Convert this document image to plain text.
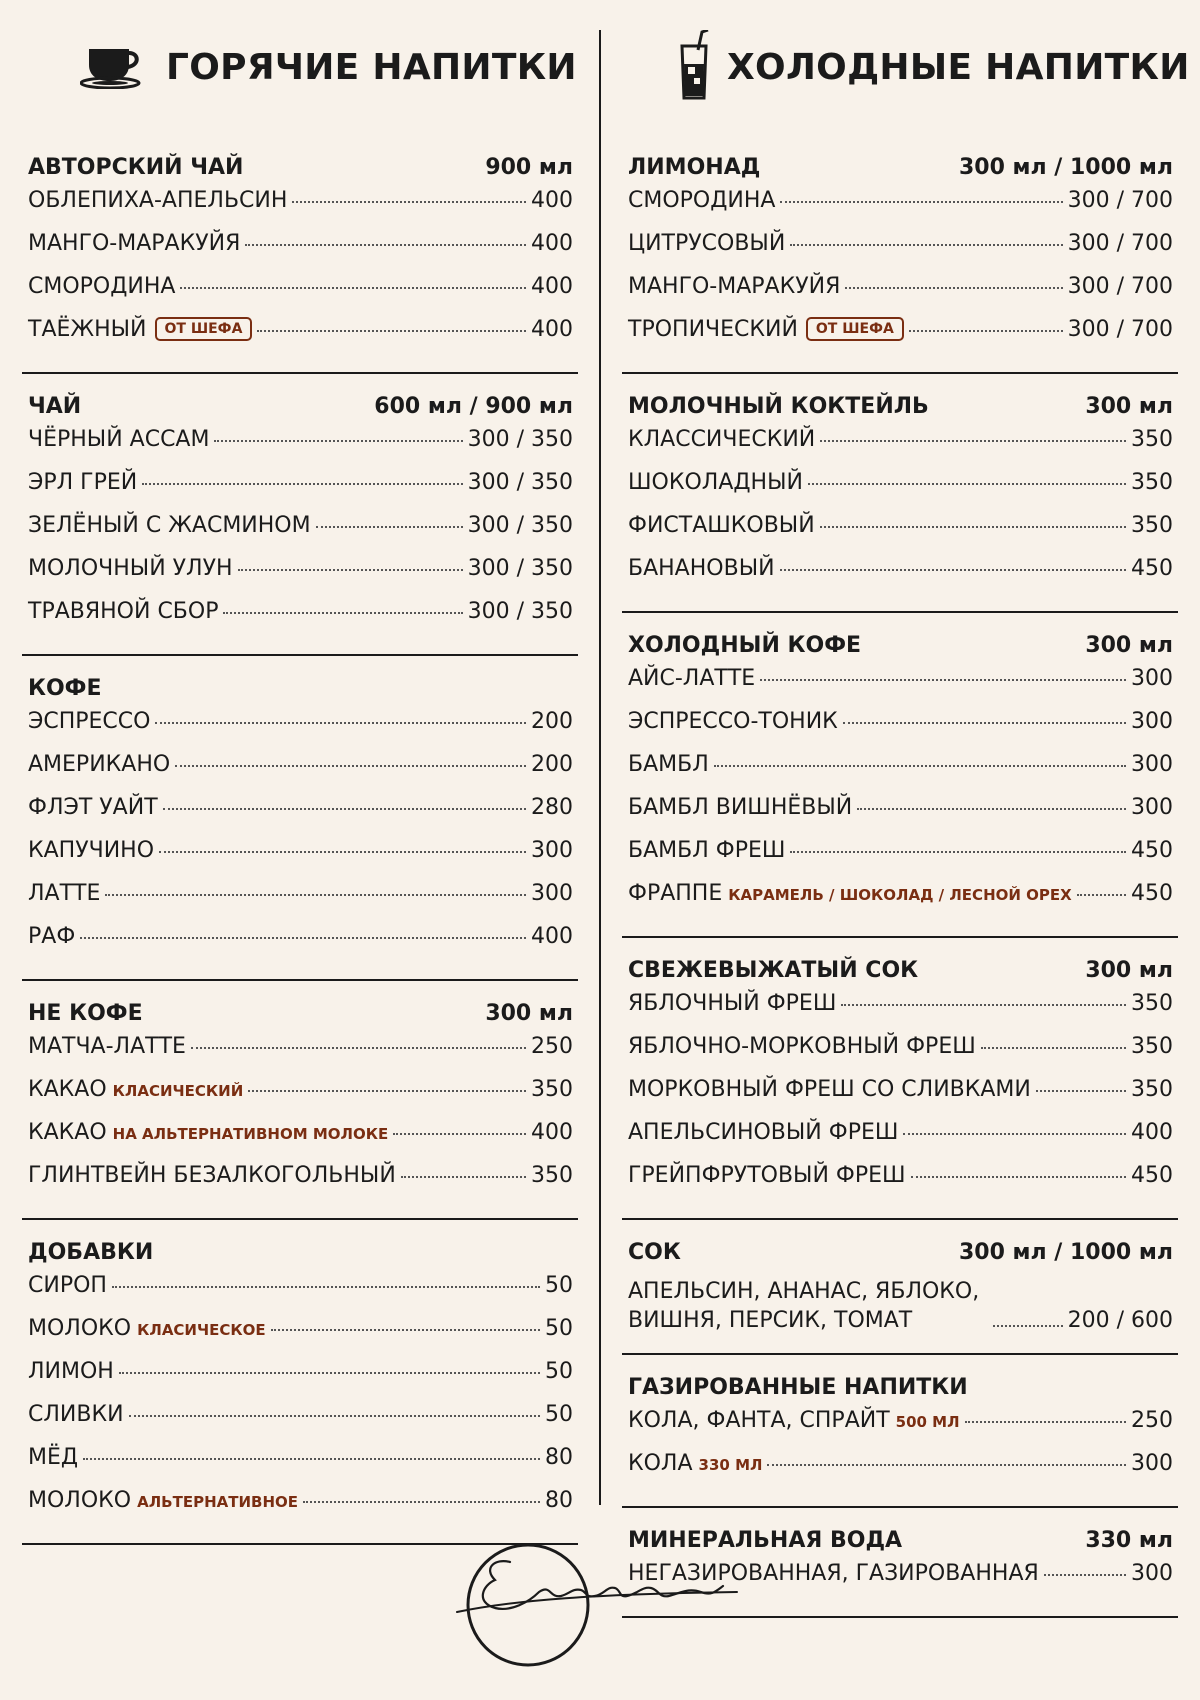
ГОРЯЧИЕ НАПИТКИ
АВТОРСКИЙ ЧАЙ	900 мл
ОБЛЕПИХА-АПЕЛЬСИН	400
МАНГО-МАРАКУЙЯ	400
СМОРОДИНА	400
ТАЁЖНЫЙ	ОТ ШЕФА	400
ЧАЙ	600 мл / 900 мл
ЧЁРНЫЙ АССАМ	300 / 350
ЭРЛ ГРЕЙ	300 / 350
ЗЕЛЁНЫЙ С ЖАСМИНОМ	300 / 350
МОЛОЧНЫЙ УЛУН	300 / 350
ТРАВЯНОЙ СБОР	300 / 350
КОФЕ
ЭСПРЕССО	200
АМЕРИКАНО	200
ФЛЭТ УАЙТ	280
КАПУЧИНО	300
ЛАТТЕ	300
РАФ	400
НЕ КОФЕ	300 мл
МАТЧА-ЛАТТЕ	250
КАКАО КЛАСИЧЕСКИЙ	350
КАКАО НА АЛЬТЕРНАТИВНОМ МОЛОКЕ	400
ГЛИНТВЕЙН БЕЗАЛКОГОЛЬНЫЙ	350
ДОБАВКИ
СИРОП	50
МОЛОКО КЛАСИЧЕСКОЕ	50
ЛИМОН	50
СЛИВКИ	50
МЁД	80
МОЛОКО АЛЬТЕРНАТИВНОЕ	80
ХОЛОДНЫЕ НАПИТКИ
ЛИМОНАД	300 мл / 1000 мл
СМОРОДИНА	300 / 700
ЦИТРУСОВЫЙ	300 / 700
МАНГО-МАРАКУЙЯ	300 / 700
ТРОПИЧЕСКИЙ	ОТ ШЕФА	300 / 700
МОЛОЧНЫЙ КОКТЕЙЛЬ	300 мл
КЛАССИЧЕСКИЙ	350
ШОКОЛАДНЫЙ	350
ФИСТАШКОВЫЙ	350
БАНАНОВЫЙ	450
ХОЛОДНЫЙ КОФЕ	300 мл
АЙС-ЛАТТЕ	300
ЭСПРЕССО-ТОНИК	300
БАМБЛ	300
БАМБЛ ВИШНЁВЫЙ	300
БАМБЛ ФРЕШ	450
ФРАППЕ КАРАМЕЛЬ / ШОКОЛАД / ЛЕСНОЙ ОРЕХ	450
СВЕЖЕВЫЖАТЫЙ СОК	300 мл
ЯБЛОЧНЫЙ ФРЕШ	350
ЯБЛОЧНО-МОРКОВНЫЙ ФРЕШ	350
МОРКОВНЫЙ ФРЕШ СО СЛИВКАМИ	350
АПЕЛЬСИНОВЫЙ ФРЕШ	400
ГРЕЙПФРУТОВЫЙ ФРЕШ	450
СОК	300 мл / 1000 мл
АПЕЛЬСИН, АНАНАС, ЯБЛОКО, ВИШНЯ, ПЕРСИК, ТОМАТ	200 / 600
ГАЗИРОВАННЫЕ НАПИТКИ
КОЛА, ФАНТА, СПРАЙТ 500 МЛ	250
КОЛА 330 МЛ	300
МИНЕРАЛЬНАЯ ВОДА	330 мл
НЕГАЗИРОВАННАЯ, ГАЗИРОВАННАЯ	300
